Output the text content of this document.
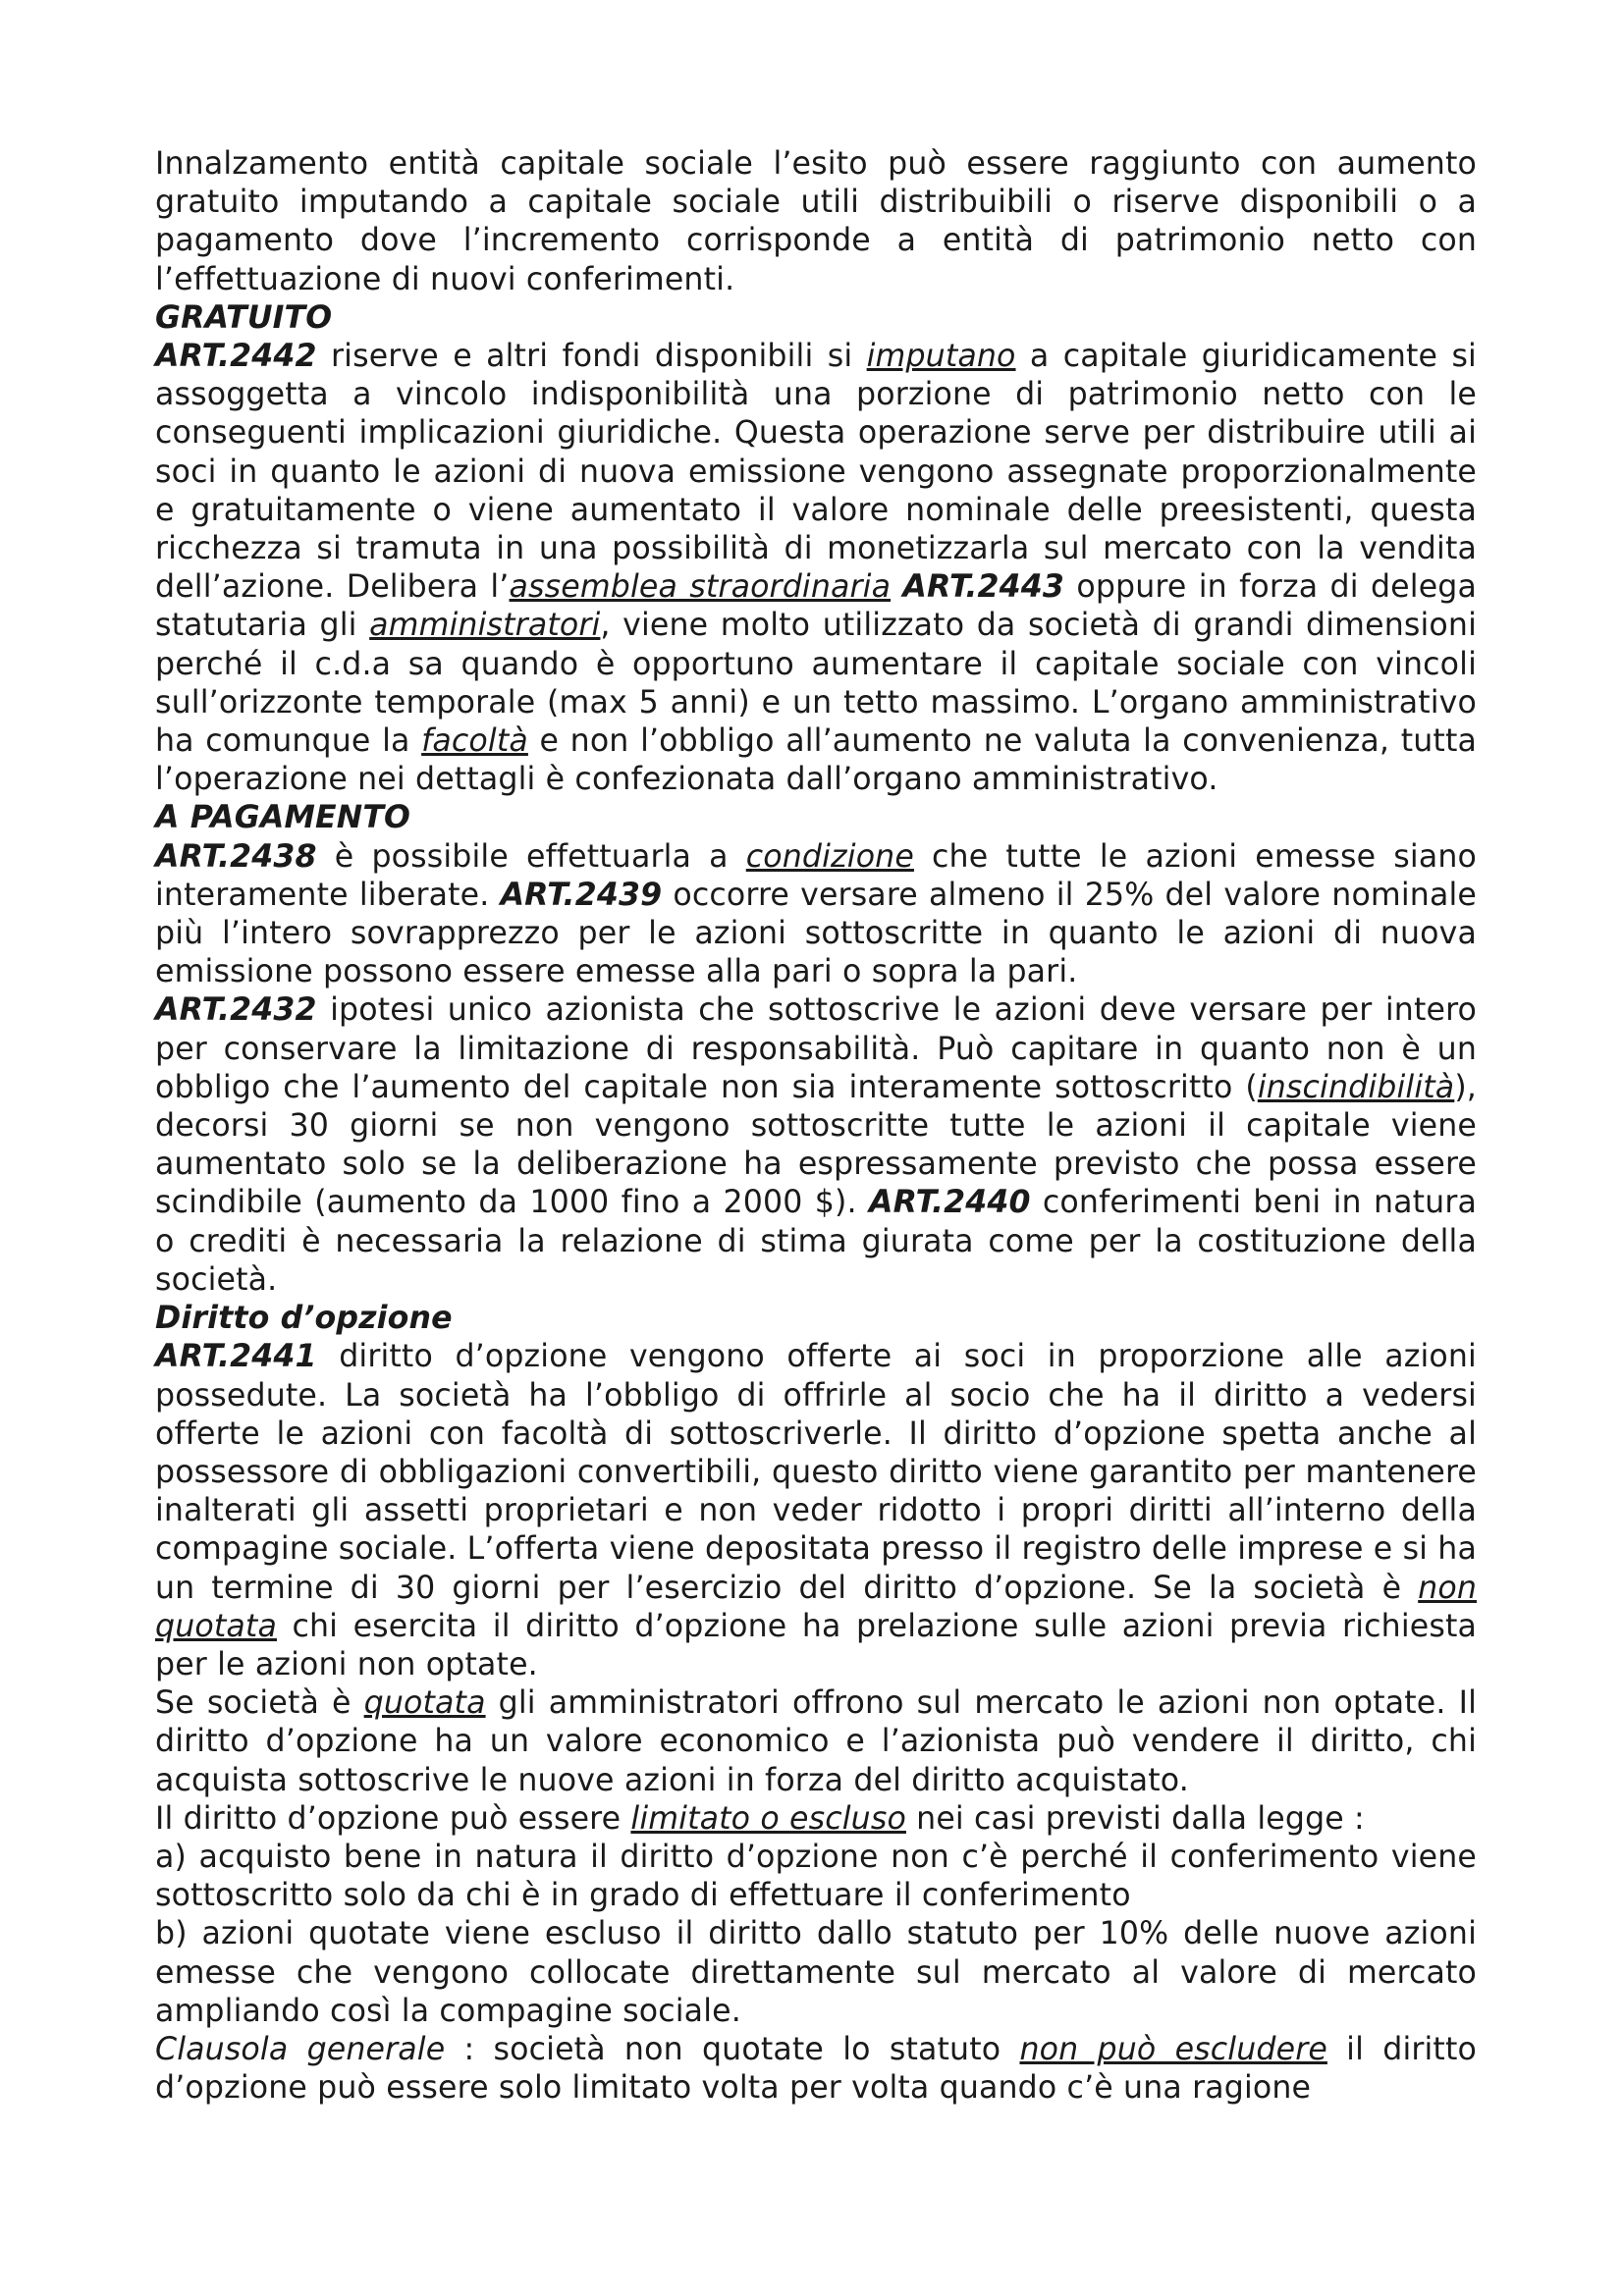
Innalzamento entità capitale sociale l’esito può essere raggiunto con aumento gratuito imputando a capitale sociale utili distribuibili o riserve disponibili o a pagamento dove l’incremento corrisponde a entità di patrimonio netto con l’effettuazione di nuovi conferimenti.
GRATUITO
ART.2442 riserve e altri fondi disponibili si imputano a capitale giuridicamente si assoggetta a vincolo indisponibilità una porzione di patrimonio netto con le conseguenti implicazioni giuridiche. Questa operazione serve per distribuire utili ai soci in quanto le azioni di nuova emissione vengono assegnate proporzionalmente e gratuitamente o viene aumentato il valore nominale delle preesistenti, questa ricchezza si tramuta in una possibilità di monetizzarla sul mercato con la vendita dell’azione. Delibera l’assemblea straordinaria ART.2443 oppure in forza di delega statutaria gli amministratori, viene molto utilizzato da società di grandi dimensioni perché il c.d.a sa quando è opportuno aumentare il capitale sociale con vincoli sull’orizzonte temporale (max 5 anni) e un tetto massimo. L’organo amministrativo ha comunque la facoltà e non l’obbligo all’aumento ne valuta la convenienza, tutta l’operazione nei dettagli è confezionata dall’organo amministrativo.
A PAGAMENTO
ART.2438 è possibile effettuarla a condizione che tutte le azioni emesse siano interamente liberate. ART.2439 occorre versare almeno il 25% del valore nominale più l’intero sovrapprezzo per le azioni sottoscritte in quanto le azioni di nuova emissione possono essere emesse alla pari o sopra la pari.
ART.2432 ipotesi unico azionista che sottoscrive le azioni deve versare per intero per conservare la limitazione di responsabilità. Può capitare in quanto non è un obbligo che l’aumento del capitale non sia interamente sottoscritto (inscindibilità), decorsi 30 giorni se non vengono sottoscritte tutte le azioni il capitale viene aumentato solo se la deliberazione ha espressamente previsto che possa essere scindibile (aumento da 1000 fino a 2000 $). ART.2440 conferimenti beni in natura o crediti è necessaria la relazione di stima giurata come per la costituzione della società.
Diritto d’opzione
ART.2441 diritto d’opzione vengono offerte ai soci in proporzione alle azioni possedute. La società ha l’obbligo di offrirle al socio che ha il diritto a vedersi offerte le azioni con facoltà di sottoscriverle. Il diritto d’opzione spetta anche al possessore di obbligazioni convertibili, questo diritto viene garantito per mantenere inalterati gli assetti proprietari e non veder ridotto i propri diritti all’interno della compagine sociale. L’offerta viene depositata presso il registro delle imprese e si ha un termine di 30 giorni per l’esercizio del diritto d’opzione. Se la società è non quotata chi esercita il diritto d’opzione ha prelazione sulle azioni previa richiesta per le azioni non optate.
Se società è quotata gli amministratori offrono sul mercato le azioni non optate. Il diritto d’opzione ha un valore economico e l’azionista può vendere il diritto, chi acquista sottoscrive le nuove azioni in forza del diritto acquistato.
Il diritto d’opzione può essere limitato o escluso nei casi previsti dalla legge :
a) acquisto bene in natura il diritto d’opzione non c’è perché il conferimento viene sottoscritto solo da chi è in grado di effettuare il conferimento
b) azioni quotate viene escluso il diritto dallo statuto per 10% delle nuove azioni emesse che vengono collocate direttamente sul mercato al valore di mercato ampliando così la compagine sociale.
Clausola generale : società non quotate lo statuto non può escludere il diritto d’opzione può essere solo limitato volta per volta quando c’è una ragione
